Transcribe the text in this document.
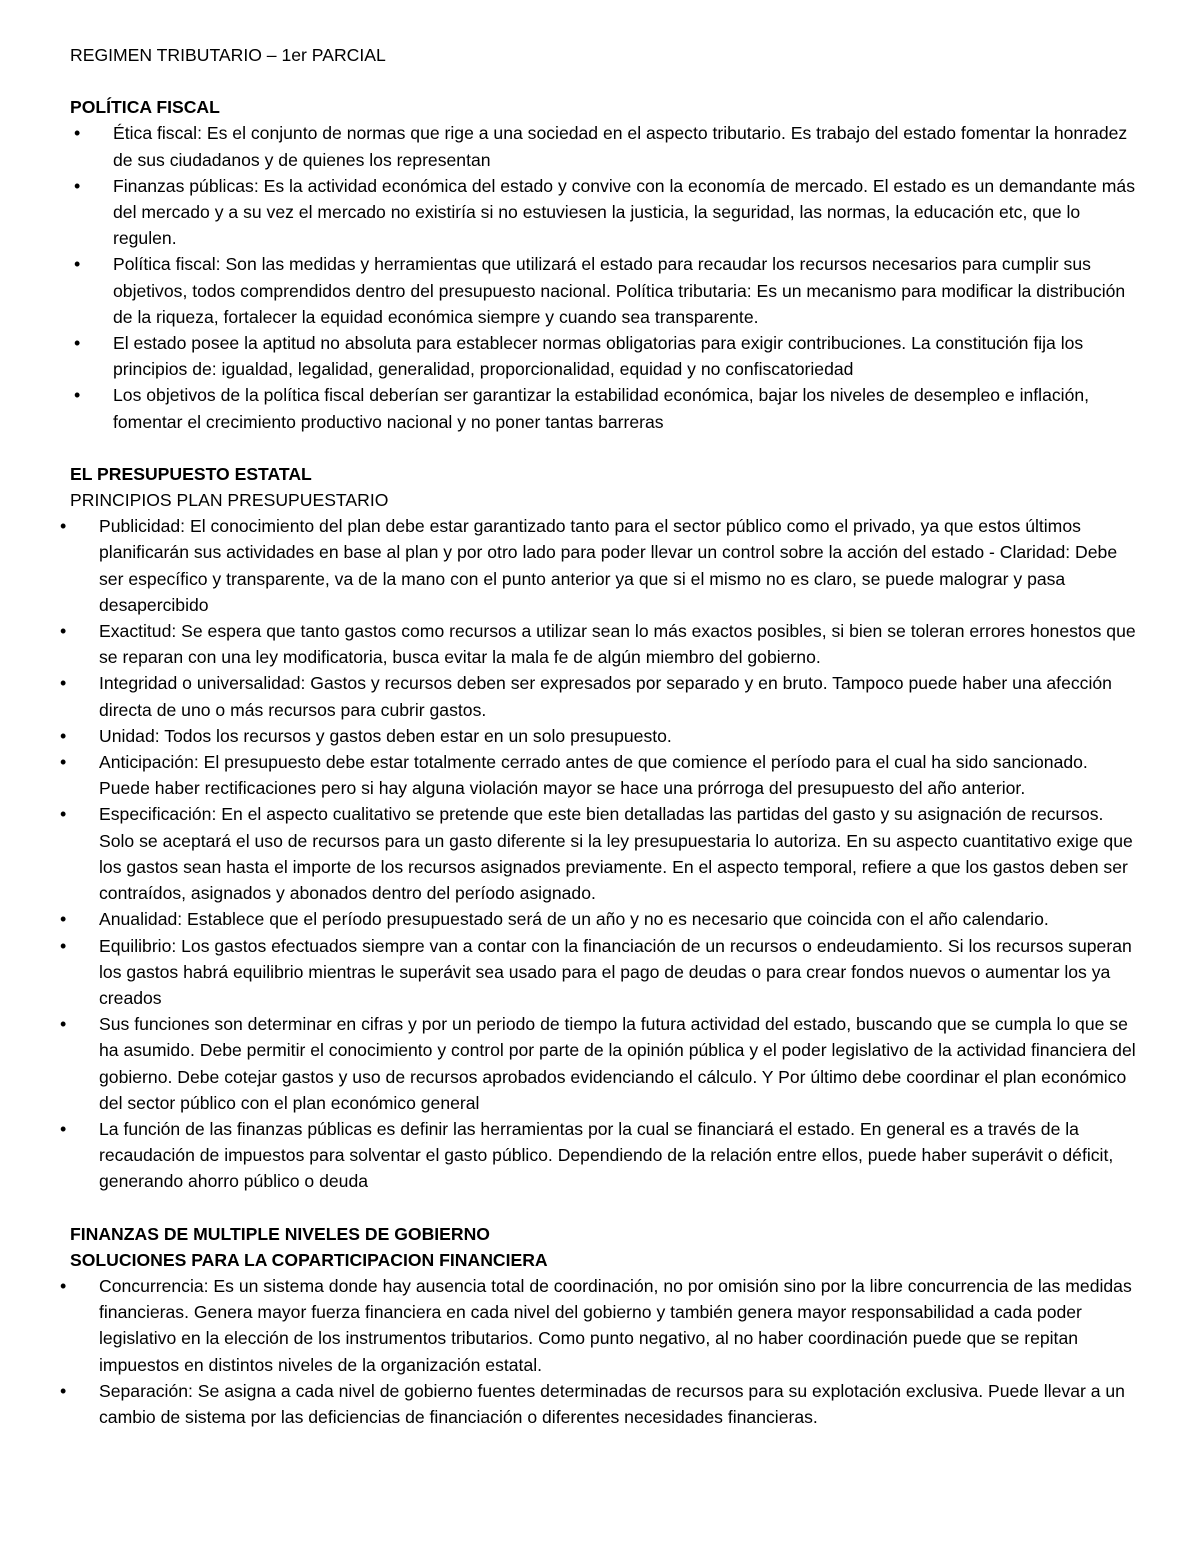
REGIMEN TRIBUTARIO – 1er PARCIAL

POLÍTICA FISCAL

• Ética fiscal: Es el conjunto de normas que rige a una sociedad en el aspecto tributario. Es trabajo del estado fomentar la honradez de sus ciudadanos y de quienes los representan
• Finanzas públicas: Es la actividad económica del estado y convive con la economía de mercado. El estado es un demandante más del mercado y a su vez el mercado no existiría si no estuviesen la justicia, la seguridad, las normas, la educación etc, que lo regulen.
• Política fiscal: Son las medidas y herramientas que utilizará el estado para recaudar los recursos necesarios para cumplir sus objetivos, todos comprendidos dentro del presupuesto nacional. Política tributaria: Es un mecanismo para modificar la distribución de la riqueza, fortalecer la equidad económica siempre y cuando sea transparente.
• El estado posee la aptitud no absoluta para establecer normas obligatorias para exigir contribuciones. La constitución fija los principios de: igualdad, legalidad, generalidad, proporcionalidad, equidad y no confiscatoriedad
• Los objetivos de la política fiscal deberían ser garantizar la estabilidad económica, bajar los niveles de desempleo e inflación, fomentar el crecimiento productivo nacional y no poner tantas barreras

EL PRESUPUESTO ESTATAL

PRINCIPIOS PLAN PRESUPUESTARIO

• Publicidad: El conocimiento del plan debe estar garantizado tanto para el sector público como el privado, ya que estos últimos planificarán sus actividades en base al plan y por otro lado para poder llevar un control sobre la acción del estado - Claridad: Debe ser específico y transparente, va de la mano con el punto anterior ya que si el mismo no es claro, se puede malograr y pasa desapercibido
• Exactitud: Se espera que tanto gastos como recursos a utilizar sean lo más exactos posibles, si bien se toleran errores honestos que se reparan con una ley modificatoria, busca evitar la mala fe de algún miembro del gobierno.
• Integridad o universalidad: Gastos y recursos deben ser expresados por separado y en bruto. Tampoco puede haber una afección directa de uno o más recursos para cubrir gastos.
• Unidad: Todos los recursos y gastos deben estar en un solo presupuesto.
• Anticipación: El presupuesto debe estar totalmente cerrado antes de que comience el período para el cual ha sido sancionado. Puede haber rectificaciones pero si hay alguna violación mayor se hace una prórroga del presupuesto del año anterior.
• Especificación: En el aspecto cualitativo se pretende que este bien detalladas las partidas del gasto y su asignación de recursos. Solo se aceptará el uso de recursos para un gasto diferente si la ley presupuestaria lo autoriza. En su aspecto cuantitativo exige que los gastos sean hasta el importe de los recursos asignados previamente. En el aspecto temporal, refiere a que los gastos deben ser contraídos, asignados y abonados dentro del período asignado.
• Anualidad: Establece que el período presupuestado será de un año y no es necesario que coincida con el año calendario.
• Equilibrio: Los gastos efectuados siempre van a contar con la financiación de un recursos o endeudamiento. Si los recursos superan los gastos habrá equilibrio mientras le superávit sea usado para el pago de deudas o para crear fondos nuevos o aumentar los ya creados
• Sus funciones son determinar en cifras y por un periodo de tiempo la futura actividad del estado, buscando que se cumpla lo que se ha asumido. Debe permitir el conocimiento y control por parte de la opinión pública y el poder legislativo de la actividad financiera del gobierno. Debe cotejar gastos y uso de recursos aprobados evidenciando el cálculo. Y Por último debe coordinar el plan económico del sector público con el plan económico general
• La función de las finanzas públicas es definir las herramientas por la cual se financiará el estado. En general es a través de la recaudación de impuestos para solventar el gasto público. Dependiendo de la relación entre ellos, puede haber superávit o déficit, generando ahorro público o deuda

FINANZAS DE MULTIPLE NIVELES DE GOBIERNO

SOLUCIONES PARA LA COPARTICIPACION FINANCIERA

• Concurrencia: Es un sistema donde hay ausencia total de coordinación, no por omisión sino por la libre concurrencia de las medidas financieras. Genera mayor fuerza financiera en cada nivel del gobierno y también genera mayor responsabilidad a cada poder legislativo en la elección de los instrumentos tributarios. Como punto negativo, al no haber coordinación puede que se repitan impuestos en distintos niveles de la organización estatal.
• Separación: Se asigna a cada nivel de gobierno fuentes determinadas de recursos para su explotación exclusiva. Puede llevar a un cambio de sistema por las deficiencias de financiación o diferentes necesidades financieras.
